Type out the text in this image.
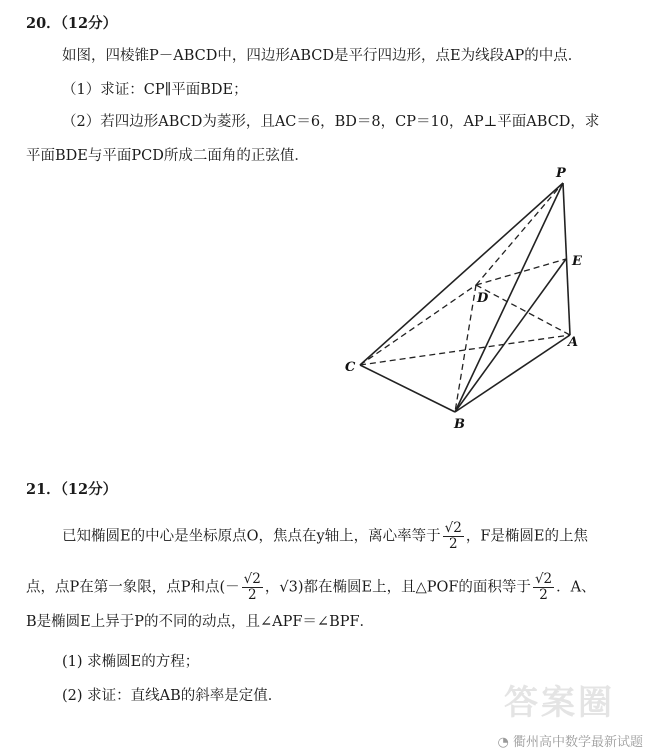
20．（12分）
如图，四棱锥P－ABCD中，四边形ABCD是平行四边形，点E为线段AP的中点．
（1）求证：CP∥平面BDE；
（2）若四边形ABCD为菱形，且AC＝6，BD＝8，CP＝10，AP⊥平面ABCD，求
平面BDE与平面PCD所成二面角的正弦值．
P
E
D
A
C
B
21．（12分）
已知椭圆E的中心是坐标原点O，焦点在y轴上，离心率等于 $\frac{√2}{2}$ ，F是椭圆E的上焦
点，点P在第一象限，点P和点(－ $\frac{√2}{2}$ ，√3)都在椭圆E上，且△POF的面积等于 $\frac{√2}{2}$ ．A、
B是椭圆E上异于P的不同的动点，且∠APF＝∠BPF．
(1) 求椭圆E的方程；
(2) 求证：直线AB的斜率是定值．	答案圈
◔ 衢州高中数学最新试题
